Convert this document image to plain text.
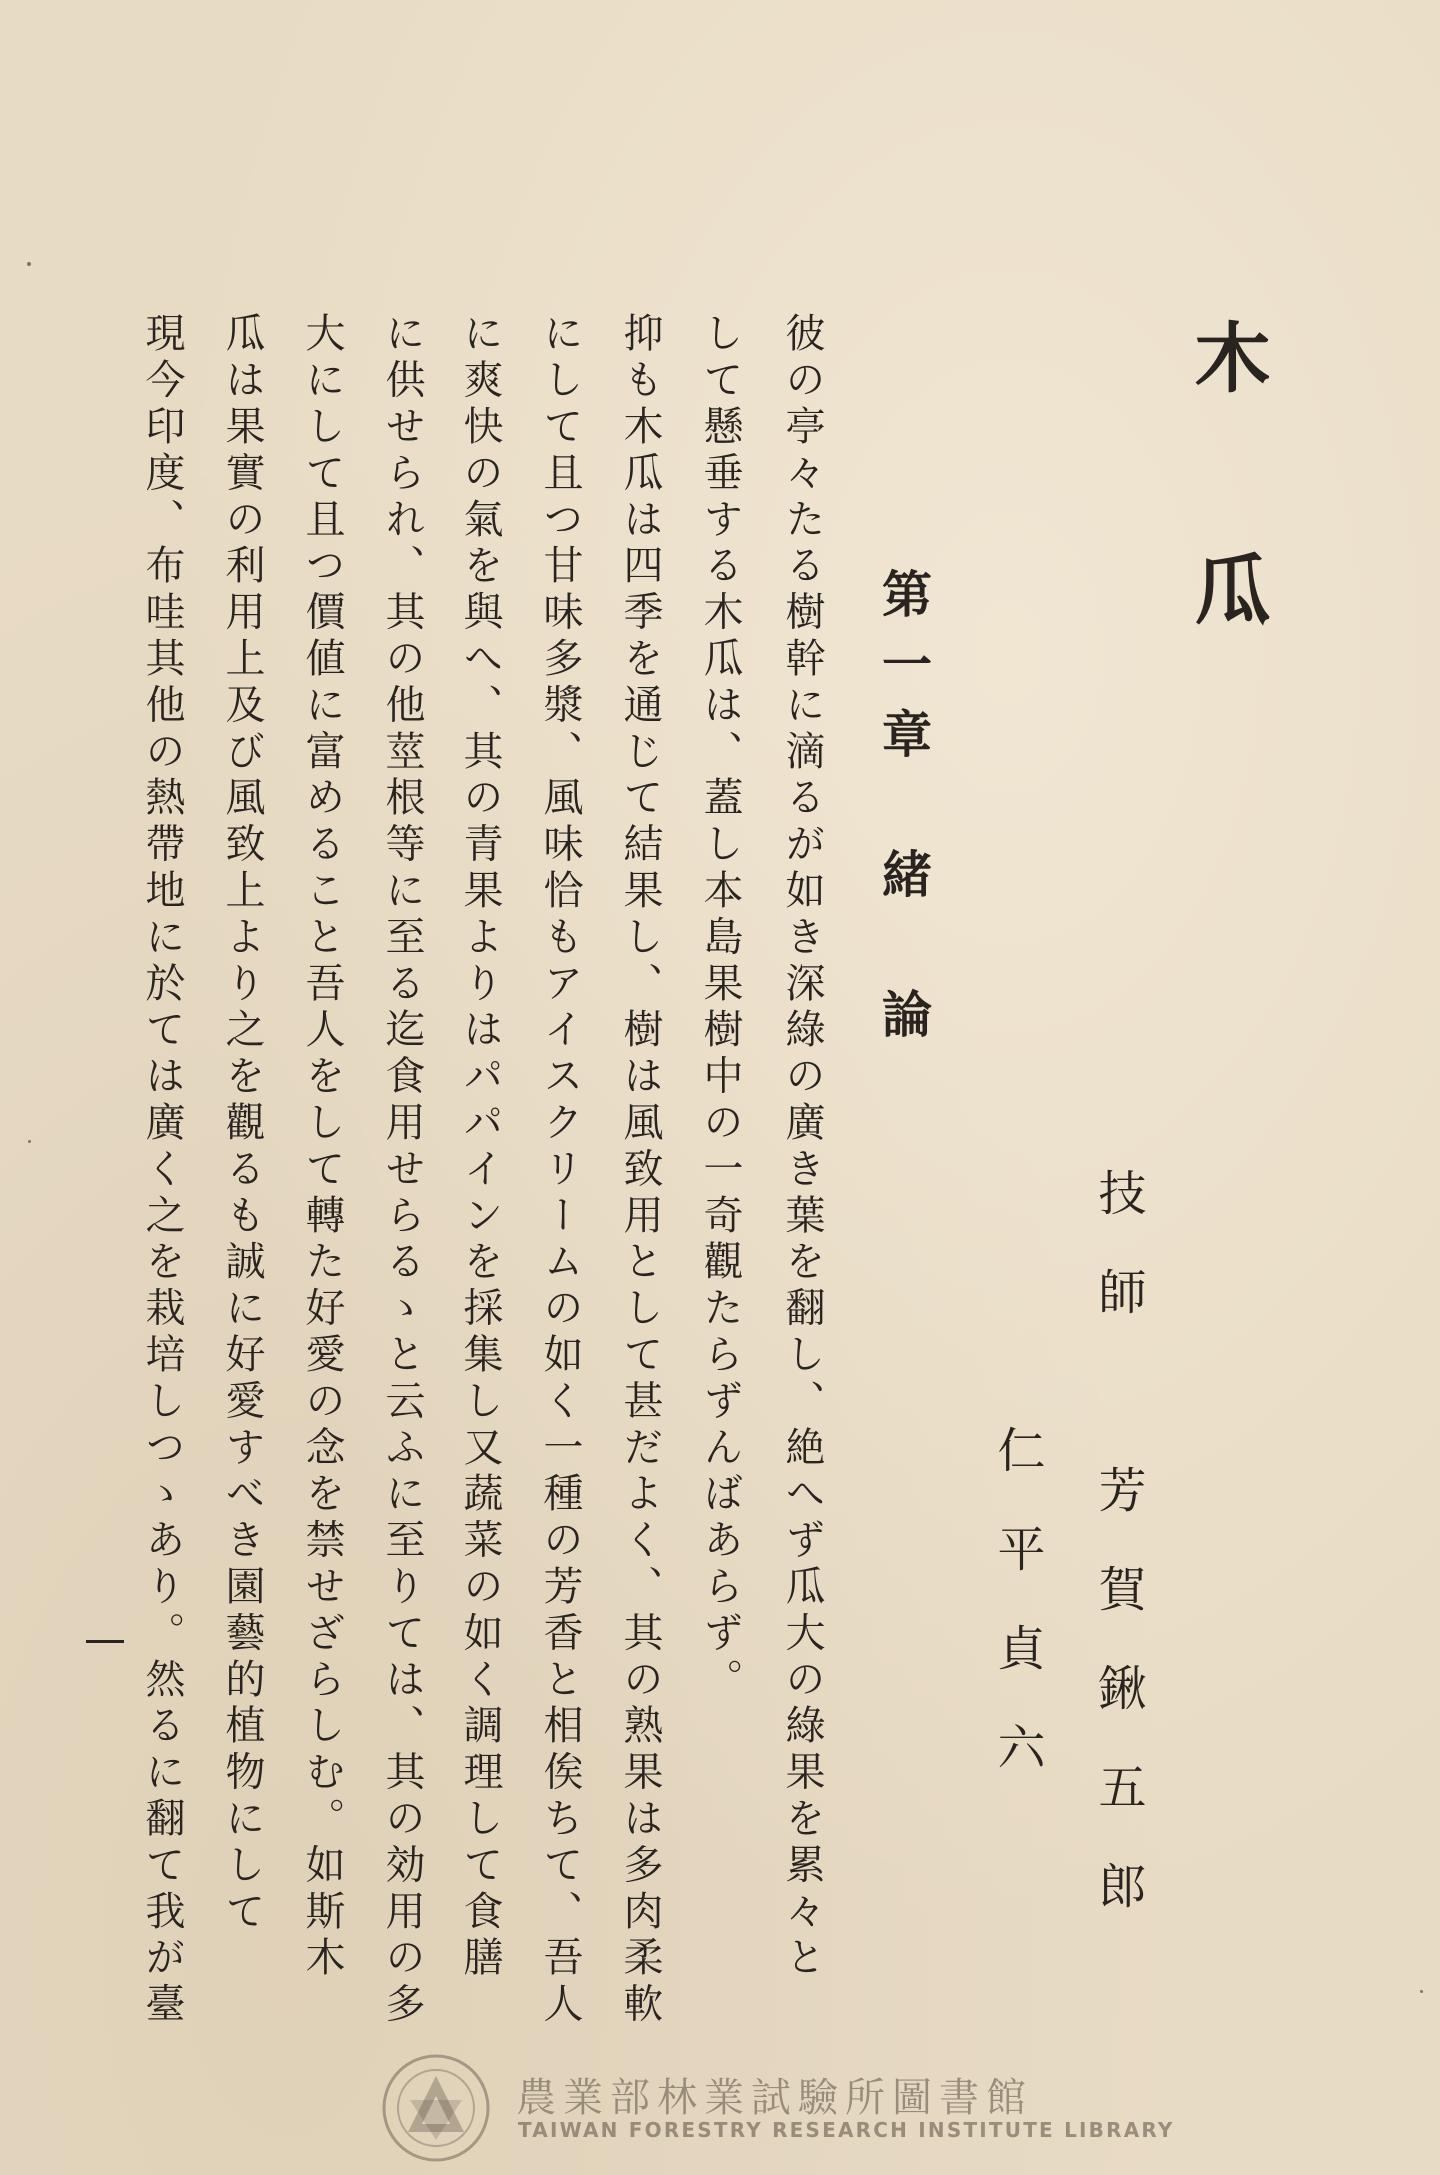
木　瓜
技師　芳賀鍬五郎
仁平貞六
第一章　緒　論
彼の亭々たる樹幹に滴るが如き深綠の廣き葉を翻し、絶へず瓜大の綠果を累々と
して懸垂する木瓜は、蓋し本島果樹中の一奇觀たらずんばあらず。
抑も木瓜は四季を通じて結果し、樹は風致用として甚だよく、其の熟果は多肉柔軟
にして且つ甘味多漿、風味恰もアイスクリームの如く一種の芳香と相俟ちて、吾人
に爽快の氣を與へ、其の青果よりはパパインを採集し又蔬菜の如く調理して食膳
に供せられ、其の他莖根等に至る迄食用せらるゝと云ふに至りては、其の効用の多
大にして且つ價値に富めること吾人をして轉た好愛の念を禁せざらしむ。如斯木
瓜は果實の利用上及び風致上より之を觀るも誠に好愛すべき園藝的植物にして
現今印度、布哇其他の熱帶地に於ては廣く之を栽培しつゝあり。然るに翻て我が臺
農業部林業試驗所圖書館
TAIWAN FORESTRY RESEARCH INSTITUTE LIBRARY
